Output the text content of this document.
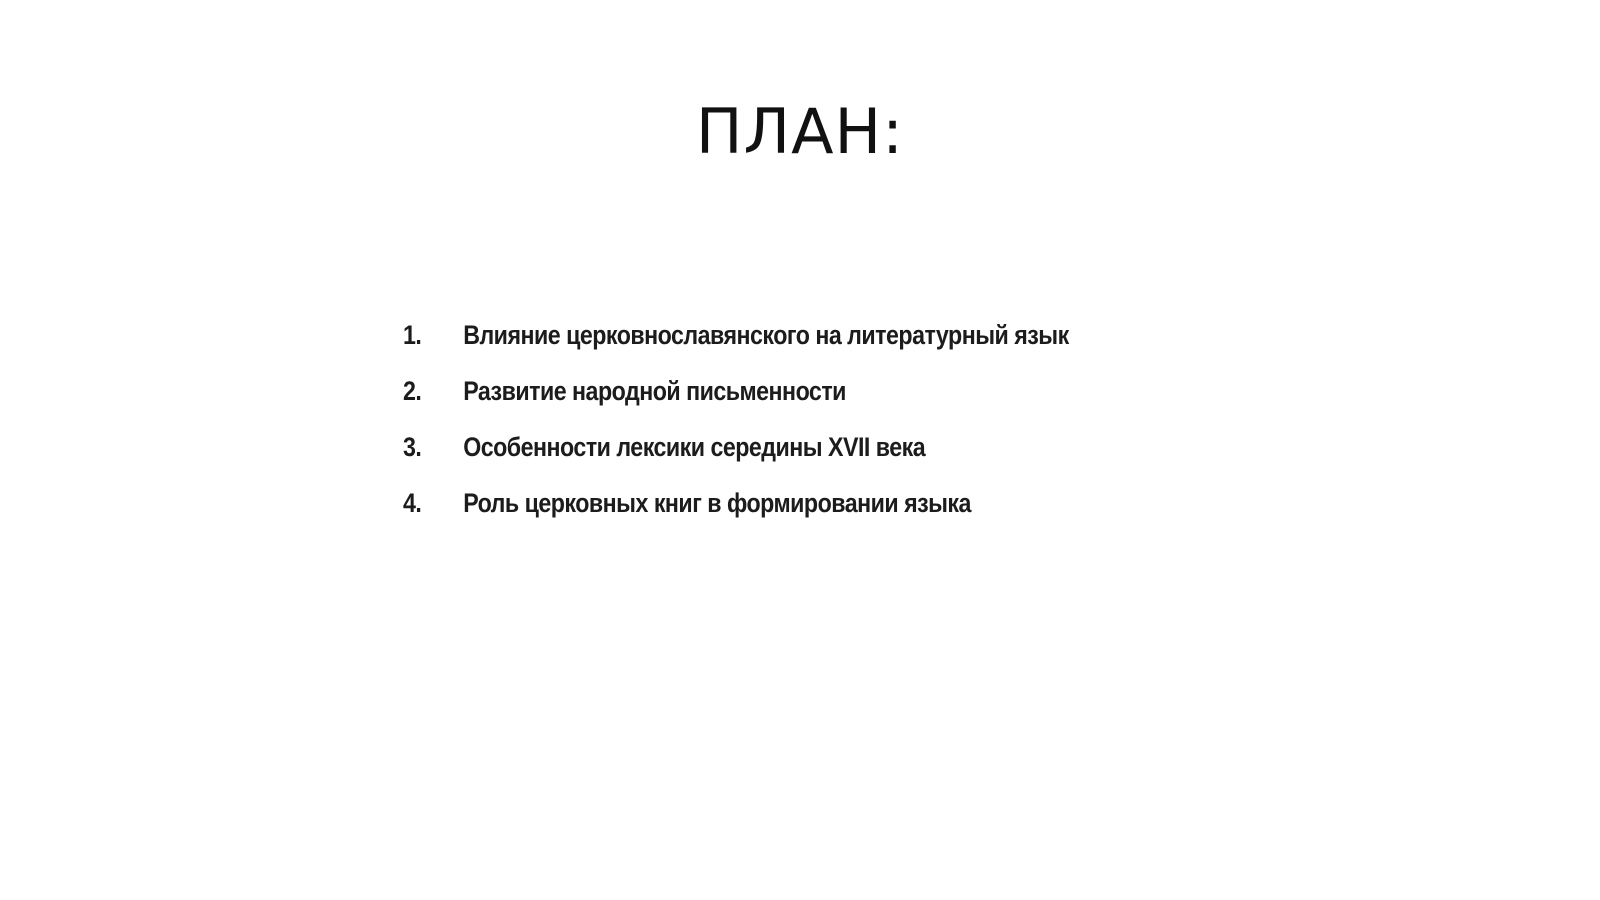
ПЛАН:
1.	Влияние церковнославянского на литературный язык
2.	Развитие народной письменности
3.	Особенности лексики середины XVII века
4.	Роль церковных книг в формировании языка
